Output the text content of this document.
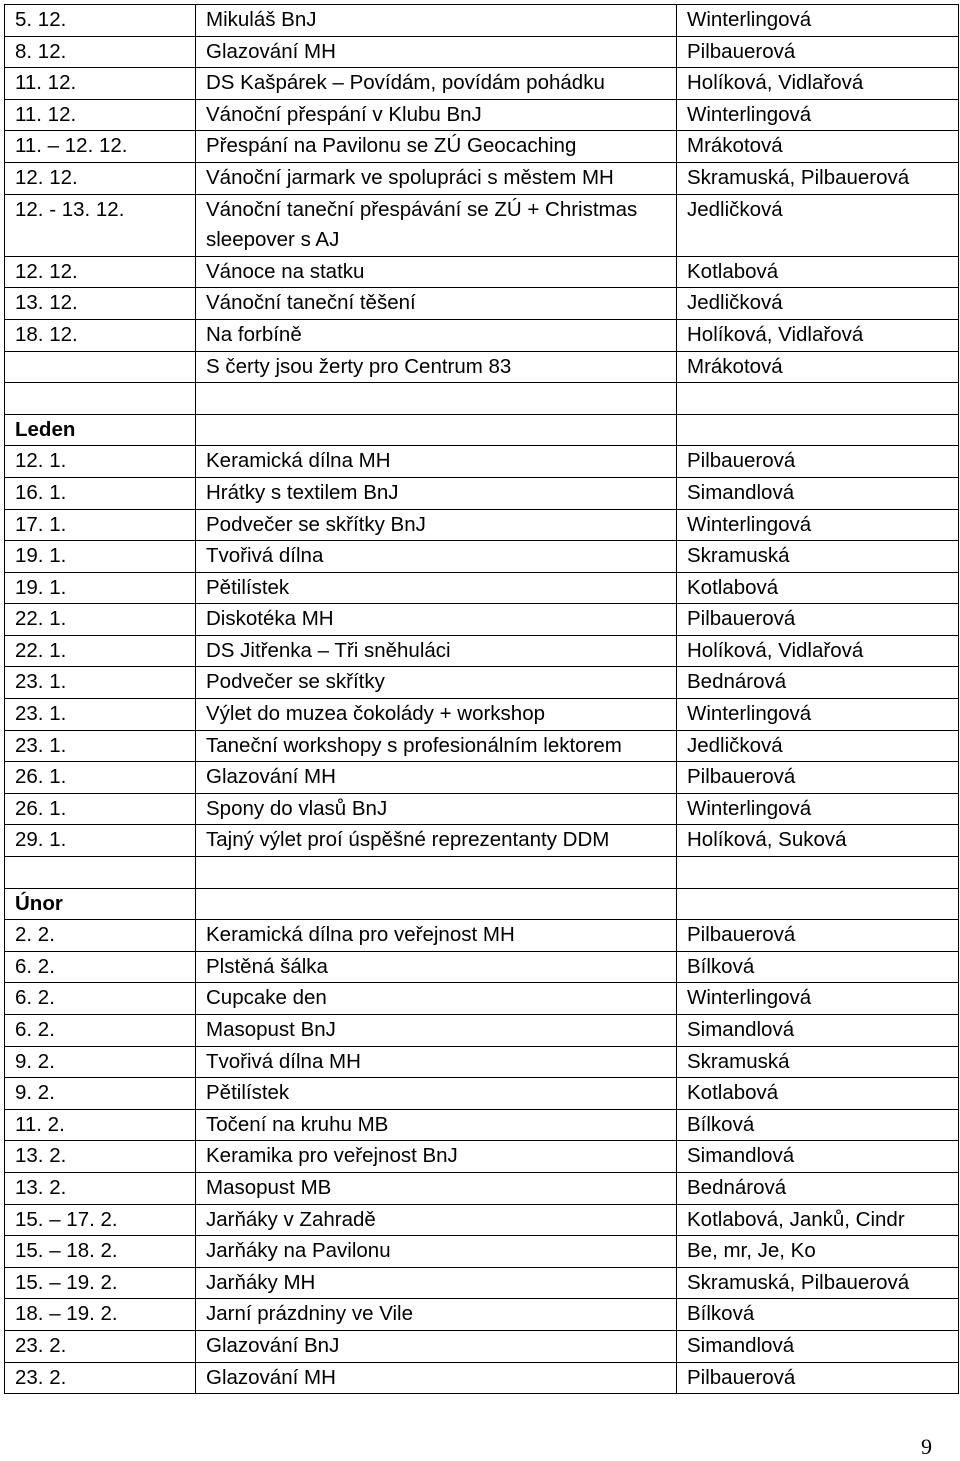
5. 12.	Mikuláš BnJ	Winterlingová
8. 12.	Glazování MH	Pilbauerová
11. 12.	DS Kašpárek – Povídám, povídám pohádku	Holíková, Vidlařová
11. 12.	Vánoční přespání v Klubu BnJ	Winterlingová
11. – 12. 12.	Přespání na Pavilonu se ZÚ Geocaching	Mrákotová
12. 12.	Vánoční jarmark ve spolupráci s městem MH	Skramuská, Pilbauerová
12. - 13. 12.	Vánoční taneční přespávání se ZÚ + Christmas sleepover s AJ	Jedličková
12. 12.	Vánoce na statku	Kotlabová
13. 12.	Vánoční taneční těšení	Jedličková
18. 12.	Na forbíně	Holíková, Vidlařová
	S čerty jsou žerty pro Centrum 83	Mrákotová

Leden		
12. 1.	Keramická dílna MH	Pilbauerová
16. 1.	Hrátky s textilem BnJ	Simandlová
17. 1.	Podvečer se skřítky BnJ	Winterlingová
19. 1.	Tvořivá dílna	Skramuská
19. 1.	Pětilístek	Kotlabová
22. 1.	Diskotéka MH	Pilbauerová
22. 1.	DS Jitřenka – Tři sněhuláci	Holíková, Vidlařová
23. 1.	Podvečer se skřítky	Bednárová
23. 1.	Výlet do muzea čokolády + workshop	Winterlingová
23. 1.	Taneční workshopy s profesionálním lektorem	Jedličková
26. 1.	Glazování MH	Pilbauerová
26. 1.	Spony do vlasů BnJ	Winterlingová
29. 1.	Tajný výlet proí úspěšné reprezentanty DDM	Holíková, Suková

Únor		
2. 2.	Keramická dílna pro veřejnost MH	Pilbauerová
6. 2.	Plstěná šálka	Bílková
6. 2.	Cupcake den	Winterlingová
6. 2.	Masopust BnJ	Simandlová
9. 2.	Tvořivá dílna MH	Skramuská
9. 2.	Pětilístek	Kotlabová
11. 2.	Točení na kruhu MB	Bílková
13. 2.	Keramika pro veřejnost BnJ	Simandlová
13. 2.	Masopust MB	Bednárová
15. – 17. 2.	Jarňáky v Zahradě	Kotlabová, Janků, Cindr
15. – 18. 2.	Jarňáky na Pavilonu	Be, mr, Je, Ko
15. – 19. 2.	Jarňáky MH	Skramuská, Pilbauerová
18. – 19. 2.	Jarní prázdniny ve Vile	Bílková
23. 2.	Glazování BnJ	Simandlová
23. 2.	Glazování MH	Pilbauerová
9
